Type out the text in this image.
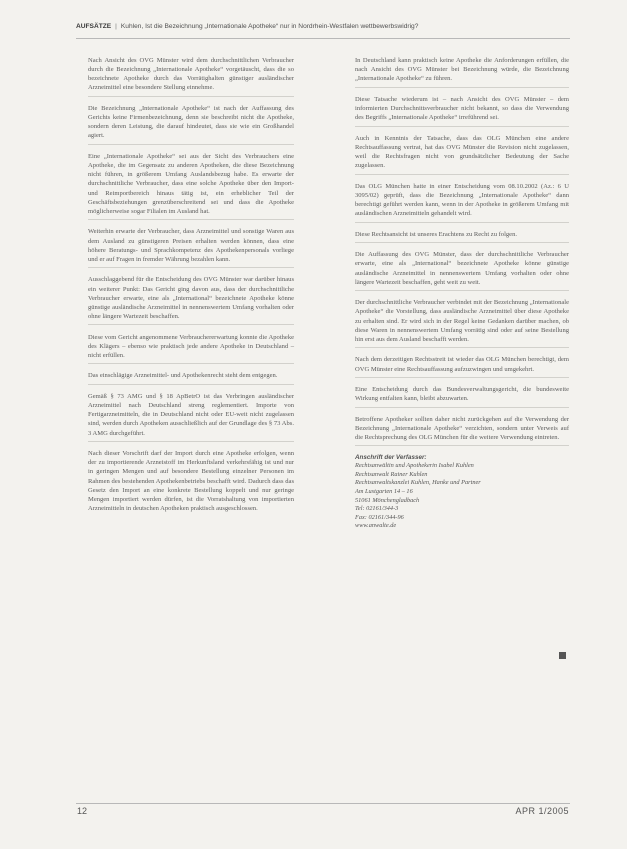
AUFSÄTZE | Kuhlen, Ist die Bezeichnung „Internationale Apotheke“ nur in Nordrhein-Westfalen wettbewerbswidrig?

Nach Ansicht des OVG Münster wird dem durchschnittlichen Verbraucher durch die Bezeichnung „Internationale Apotheke“ vorgetäuscht, dass die so bezeichnete Apotheke durch das Vorrätighalten günstiger ausländischer Arzneimittel eine besondere Stellung einnehme.

Die Bezeichnung „Internationale Apotheke“ ist nach der Auffassung des Gerichts keine Firmenbezeichnung, denn sie beschreibt nicht die Apotheke, sondern deren Leistung, die darauf hindeutet, dass sie wie ein Großhandel agiert.

Eine „Internationale Apotheke“ sei aus der Sicht des Verbrauchers eine Apotheke, die im Gegensatz zu anderen Apotheken, die diese Bezeichnung nicht führen, in größerem Umfang Auslandsbezug habe. Es erwarte der durchschnittliche Verbraucher, dass eine solche Apotheke über den Import- und Reimportbereich hinaus tätig ist, ein erheblicher Teil der Geschäftsbeziehungen grenzüberschreitend sei und dass die Apotheke möglicherweise sogar Filialen im Ausland hat.

Weiterhin erwarte der Verbraucher, dass Arzneimittel und sonstige Waren aus dem Ausland zu günstigeren Preisen erhalten werden können, dass eine höhere Beratungs- und Sprachkompetenz des Apothekenpersonals vorliege und er auf Fragen in fremder Währung bezahlen kann.

Ausschlaggebend für die Entscheidung des OVG Münster war darüber hinaus ein weiterer Punkt: Das Gericht ging davon aus, dass der durchschnittliche Verbraucher erwarte, eine als „International“ bezeichnete Apotheke könne günstige ausländische Arzneimittel in nennenswertem Umfang vorhalten oder ohne längere Wartezeit beschaffen.

Diese vom Gericht angenommene Verbrauchererwartung konnte die Apotheke des Klägers – ebenso wie praktisch jede andere Apotheke in Deutschland – nicht erfüllen.

Das einschlägige Arzneimittel- und Apothekenrecht steht dem entgegen.

Gemäß § 73 AMG und § 18 ApBetrO ist das Verbringen ausländischer Arzneimittel nach Deutschland streng reglementiert. Importe von Fertigarzneimitteln, die in Deutschland nicht oder EU-weit nicht zugelassen sind, werden durch Apotheken ausschließlich auf der Grundlage des § 73 Abs. 3 AMG durchgeführt.

Nach dieser Vorschrift darf der Import durch eine Apotheke erfolgen, wenn der zu importierende Arzneistoff im Herkunftsland verkehrsfähig ist und nur in geringen Mengen und auf besondere Bestellung einzelner Personen im Rahmen des bestehenden Apothekenbetriebs beschafft wird. Dadurch dass das Gesetz den Import an eine konkrete Bestellung koppelt und nur geringe Mengen importiert werden dürfen, ist die Vorratshaltung von importierten Arzneimitteln in deutschen Apotheken praktisch ausgeschlossen.

In Deutschland kann praktisch keine Apotheke die Anforderungen erfüllen, die nach Ansicht des OVG Münster bei Bezeichnung würde, die Bezeichnung „Internationale Apotheke“ zu führen.

Diese Tatsache wiederum ist – nach Ansicht des OVG Münster – dem informierten Durchschnittsverbraucher nicht bekannt, so dass die Verwendung des Begriffs „Internationale Apotheke“ irreführend sei.

Auch in Kenntnis der Tatsache, dass das OLG München eine andere Rechtsauffassung vertrat, hat das OVG Münster die Revision nicht zugelassen, weil die Rechtsfragen nicht von grundsätzlicher Bedeutung der Sache zugelassen.

Das OLG München hatte in einer Entscheidung vom 08.10.2002 (Az.: 6 U 3095/02) geprüft, dass die Bezeichnung „Internationale Apotheke“ dann berechtigt geführt werden kann, wenn in der Apotheke in größerem Umfang mit ausländischen Arzneimitteln gehandelt wird.

Diese Rechtsansicht ist unseres Erachtens zu Recht zu folgen.

Die Auffassung des OVG Münster, dass der durchschnittliche Verbraucher erwarte, eine als „International“ bezeichnete Apotheke könne günstige ausländische Arzneimittel in nennenswertem Umfang vorhalten oder ohne längere Wartezeit beschaffen, geht weit zu weit.

Der durchschnittliche Verbraucher verbindet mit der Bezeichnung „Internationale Apotheke“ die Vorstellung, dass ausländische Arzneimittel über diese Apotheke zu erhalten sind. Er wird sich in der Regel keine Gedanken darüber machen, ob diese Waren in nennenswertem Umfang vorrätig sind oder auf seine Bestellung hin erst aus dem Ausland beschafft werden.

Nach dem derzeitigen Rechtsstreit ist wieder das OLG München berechtigt, dem OVG Münster eine Rechtsauffassung aufzuzwingen und umgekehrt.

Eine Entscheidung durch das Bundesverwaltungsgericht, die bundesweite Wirkung entfalten kann, bleibt abzuwarten.

Betroffene Apotheker sollten daher nicht zurückgehen auf die Verwendung der Bezeichnung „Internationale Apotheke“ verzichten, sondern unter Verweis auf die Rechtsprechung des OLG München für die weitere Verwendung eintreten.

Anschrift der Verfasser:
Rechtsanwältin und Apothekerin Isabel Kuhlen
Rechtsanwalt Rainer Kuhlen
Rechtsanwaltskanzlei Kuhlen, Hanke und Partner
Am Lustgarten 14 – 16
51061 Mönchengladbach
Tel: 02161/344-3
Fax: 02161/344-96
www.anwalte.de
12	APR 1/2005
